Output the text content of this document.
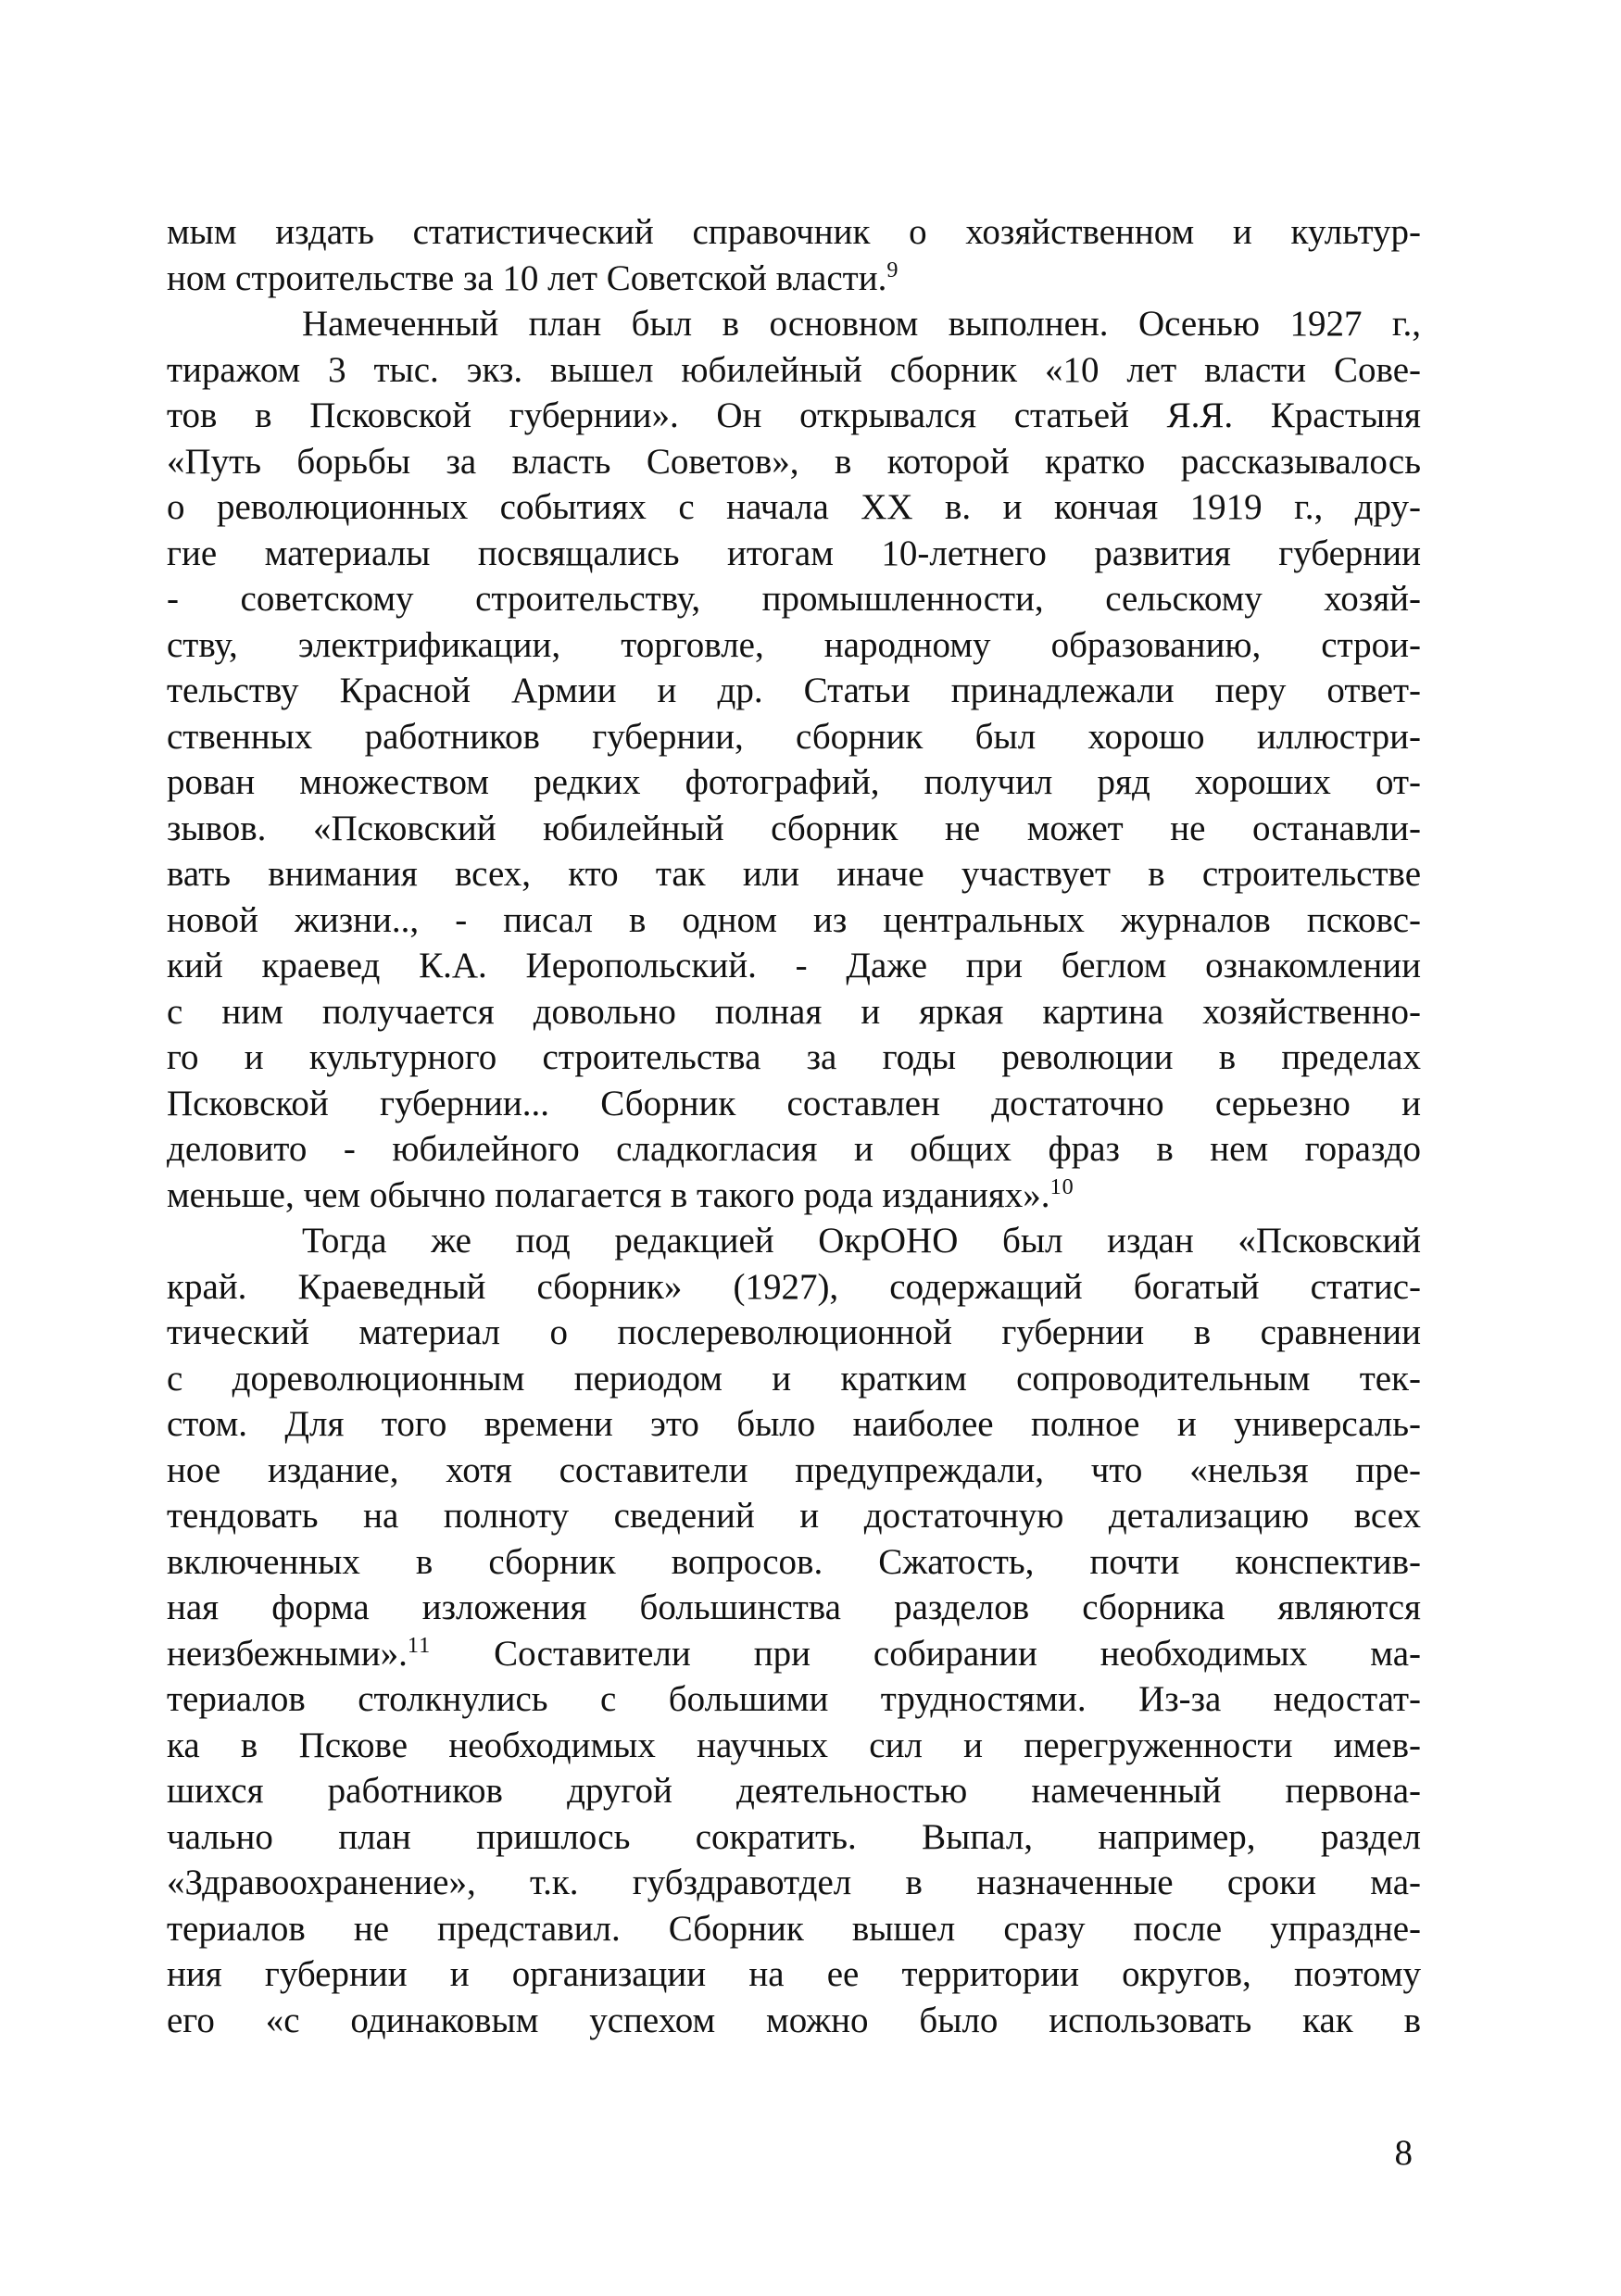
мым издать статистический справочник о хозяйственном и культур-
ном строительстве за 10 лет Советской власти.$^9$
Намеченный план был в основном выполнен. Осенью 1927 г.,
тиражом 3 тыс. экз. вышел юбилейный сборник «10 лет власти Сове-
тов в Псковской губернии». Он открывался статьей Я.Я. Крастыня
«Путь борьбы за власть Советов», в которой кратко рассказывалось
о революционных событиях с начала XX в. и кончая 1919 г., дру-
гие материалы посвящались итогам 10-летнего развития губернии
- советскому строительству, промышленности, сельскому хозяй-
ству, электрификации, торговле, народному образованию, строи-
тельству Красной Армии и др. Статьи принадлежали перу ответ-
ственных работников губернии, сборник был хорошо иллюстри-
рован множеством редких фотографий, получил ряд хороших от-
зывов. «Псковский юбилейный сборник не может не останавли-
вать внимания всех, кто так или иначе участвует в строительстве
новой жизни.., - писал в одном из центральных журналов псковс-
кий краевед К.А. Иеропольский. - Даже при беглом ознакомлении
с ним получается довольно полная и яркая картина хозяйственно-
го и культурного строительства за годы революции в пределах
Псковской губернии... Сборник составлен достаточно серьезно и
деловито - юбилейного сладкогласия и общих фраз в нем гораздо
меньше, чем обычно полагается в такого рода изданиях».$^{10}$
Тогда же под редакцией ОкрОНО был издан «Псковский
край. Краеведный сборник» (1927), содержащий богатый статис-
тический материал о послереволюционной губернии в сравнении
с дореволюционным периодом и кратким сопроводительным тек-
стом. Для того времени это было наиболее полное и универсаль-
ное издание, хотя составители предупреждали, что «нельзя пре-
тендовать на полноту сведений и достаточную детализацию всех
включенных в сборник вопросов. Сжатость, почти конспектив-
ная форма изложения большинства разделов сборника являются
неизбежными».$^{11}$ Составители при собирании необходимых ма-
териалов столкнулись с большими трудностями. Из-за недостат-
ка в Пскове необходимых научных сил и перегруженности имев-
шихся работников другой деятельностью намеченный первона-
чально план пришлось сократить. Выпал, например, раздел
«Здравоохранение», т.к. губздравотдел в назначенные сроки ма-
териалов не представил. Сборник вышел сразу после упраздне-
ния губернии и организации на ее территории округов, поэтому
его «с одинаковым успехом можно было использовать как в
8
